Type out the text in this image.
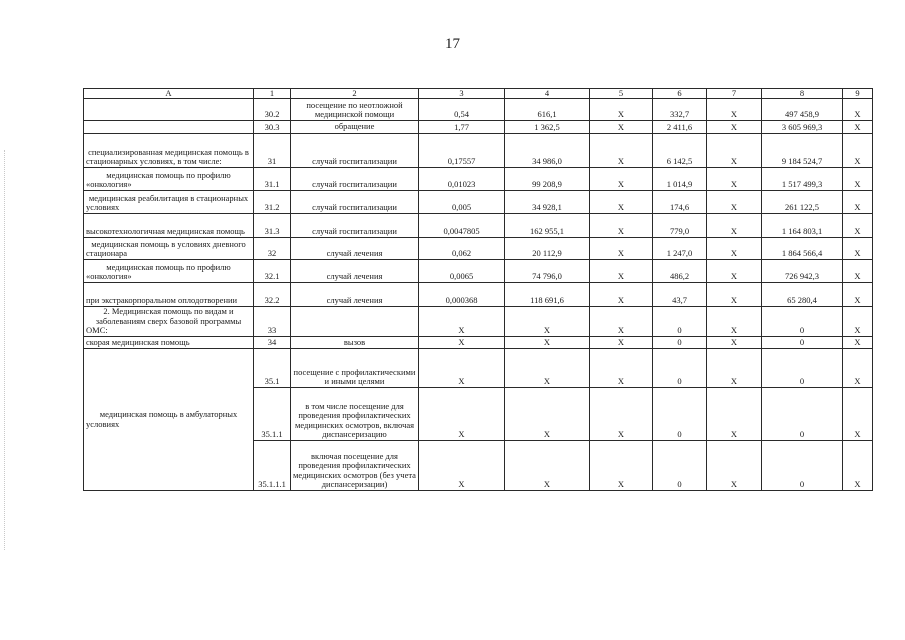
17
А	1	2	3	4	5	6	7	8	9
	30.2	посещение по неотложной медицинской помощи	0,54	616,1	X	332,7	X	497 458,9	X
	30.3	обращение	1,77	1 362,5	X	2 411,6	X	3 605 969,3	X
специализированная медицинская помощь в стационарных условиях, в том числе:	31	случай госпитализации	0,17557	34 986,0	X	6 142,5	X	9 184 524,7	X
медицинская помощь по профилю «онкология»	31.1	случай госпитализации	0,01023	99 208,9	X	1 014,9	X	1 517 499,3	X
медицинская реабилитация в стационарных условиях	31.2	случай госпитализации	0,005	34 928,1	X	174,6	X	261 122,5	X
высокотехнологичная медицинская помощь	31.3	случай госпитализации	0,0047805	162 955,1	X	779,0	X	1 164 803,1	X
медицинская помощь в условиях дневного стационара	32	случай лечения	0,062	20 112,9	X	1 247,0	X	1 864 566,4	X
медицинская помощь по профилю «онкология»	32.1	случай лечения	0,0065	74 796,0	X	486,2	X	726 942,3	X
при экстракорпоральном оплодотворении	32.2	случай лечения	0,000368	118 691,6	X	43,7	X	65 280,4	X
2. Медицинская помощь по видам и заболеваниям сверх базовой программы ОМС:	33		X	X	X	0	X	0	X
скорая медицинская помощь	34	вызов	X	X	X	0	X	0	X
медицинская помощь в амбулаторных условиях	35.1	посещение с профилактическими и иными целями	X	X	X	0	X	0	X
	35.1.1	в том числе посещение для проведения профилактических медицинских осмотров, включая диспансеризацию	X	X	X	0	X	0	X
	35.1.1.1	включая посещение для проведения профилактических медицинских осмотров (без учета диспансеризации)	X	X	X	0	X	0	X
